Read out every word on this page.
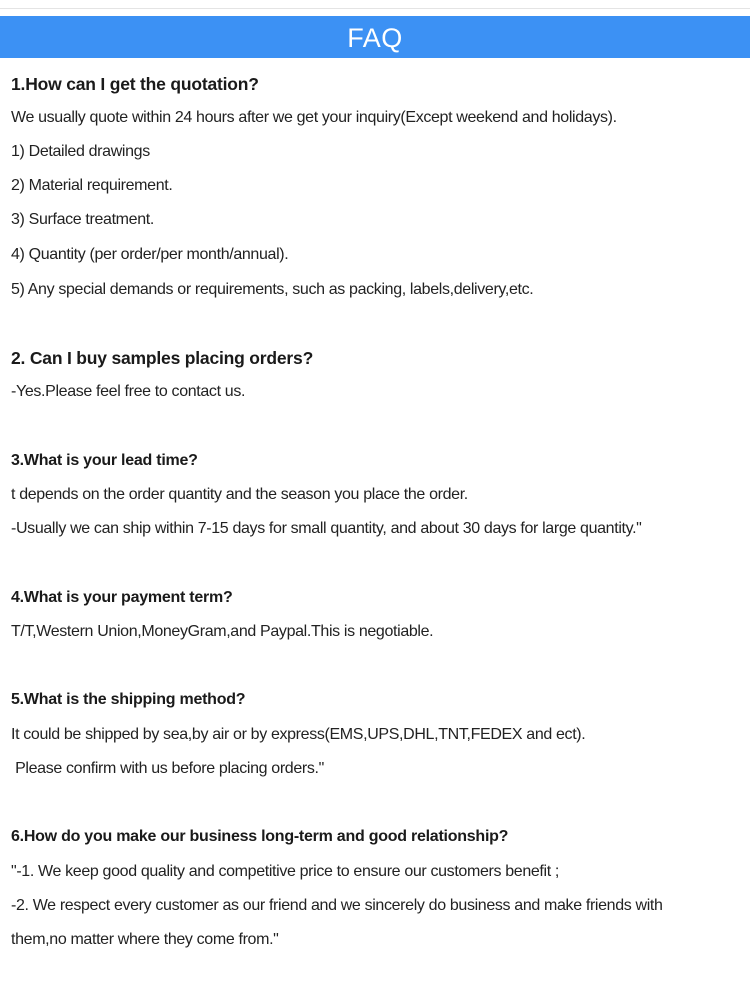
FAQ
1.How can I get the quotation?
We usually quote within 24 hours after we get your inquiry(Except weekend and holidays).
1) Detailed drawings
2) Material requirement.
3) Surface treatment.
4) Quantity (per order/per month/annual).
5) Any special demands or requirements, such as packing, labels,delivery,etc.
2. Can I buy samples placing orders?
-Yes.Please feel free to contact us.
3.What is your lead time?
t depends on the order quantity and the season you place the order.
-Usually we can ship within 7-15 days for small quantity, and about 30 days for large quantity."
4.What is your payment term?
T/T,Western Union,MoneyGram,and Paypal.This is negotiable.
5.What is the shipping method?
It could be shipped by sea,by air or by express(EMS,UPS,DHL,TNT,FEDEX and ect).
Please confirm with us before placing orders."
6.How do you make our business long-term and good relationship?
"-1. We keep good quality and competitive price to ensure our customers benefit ;
-2. We respect every customer as our friend and we sincerely do business and make friends with
them,no matter where they come from."
